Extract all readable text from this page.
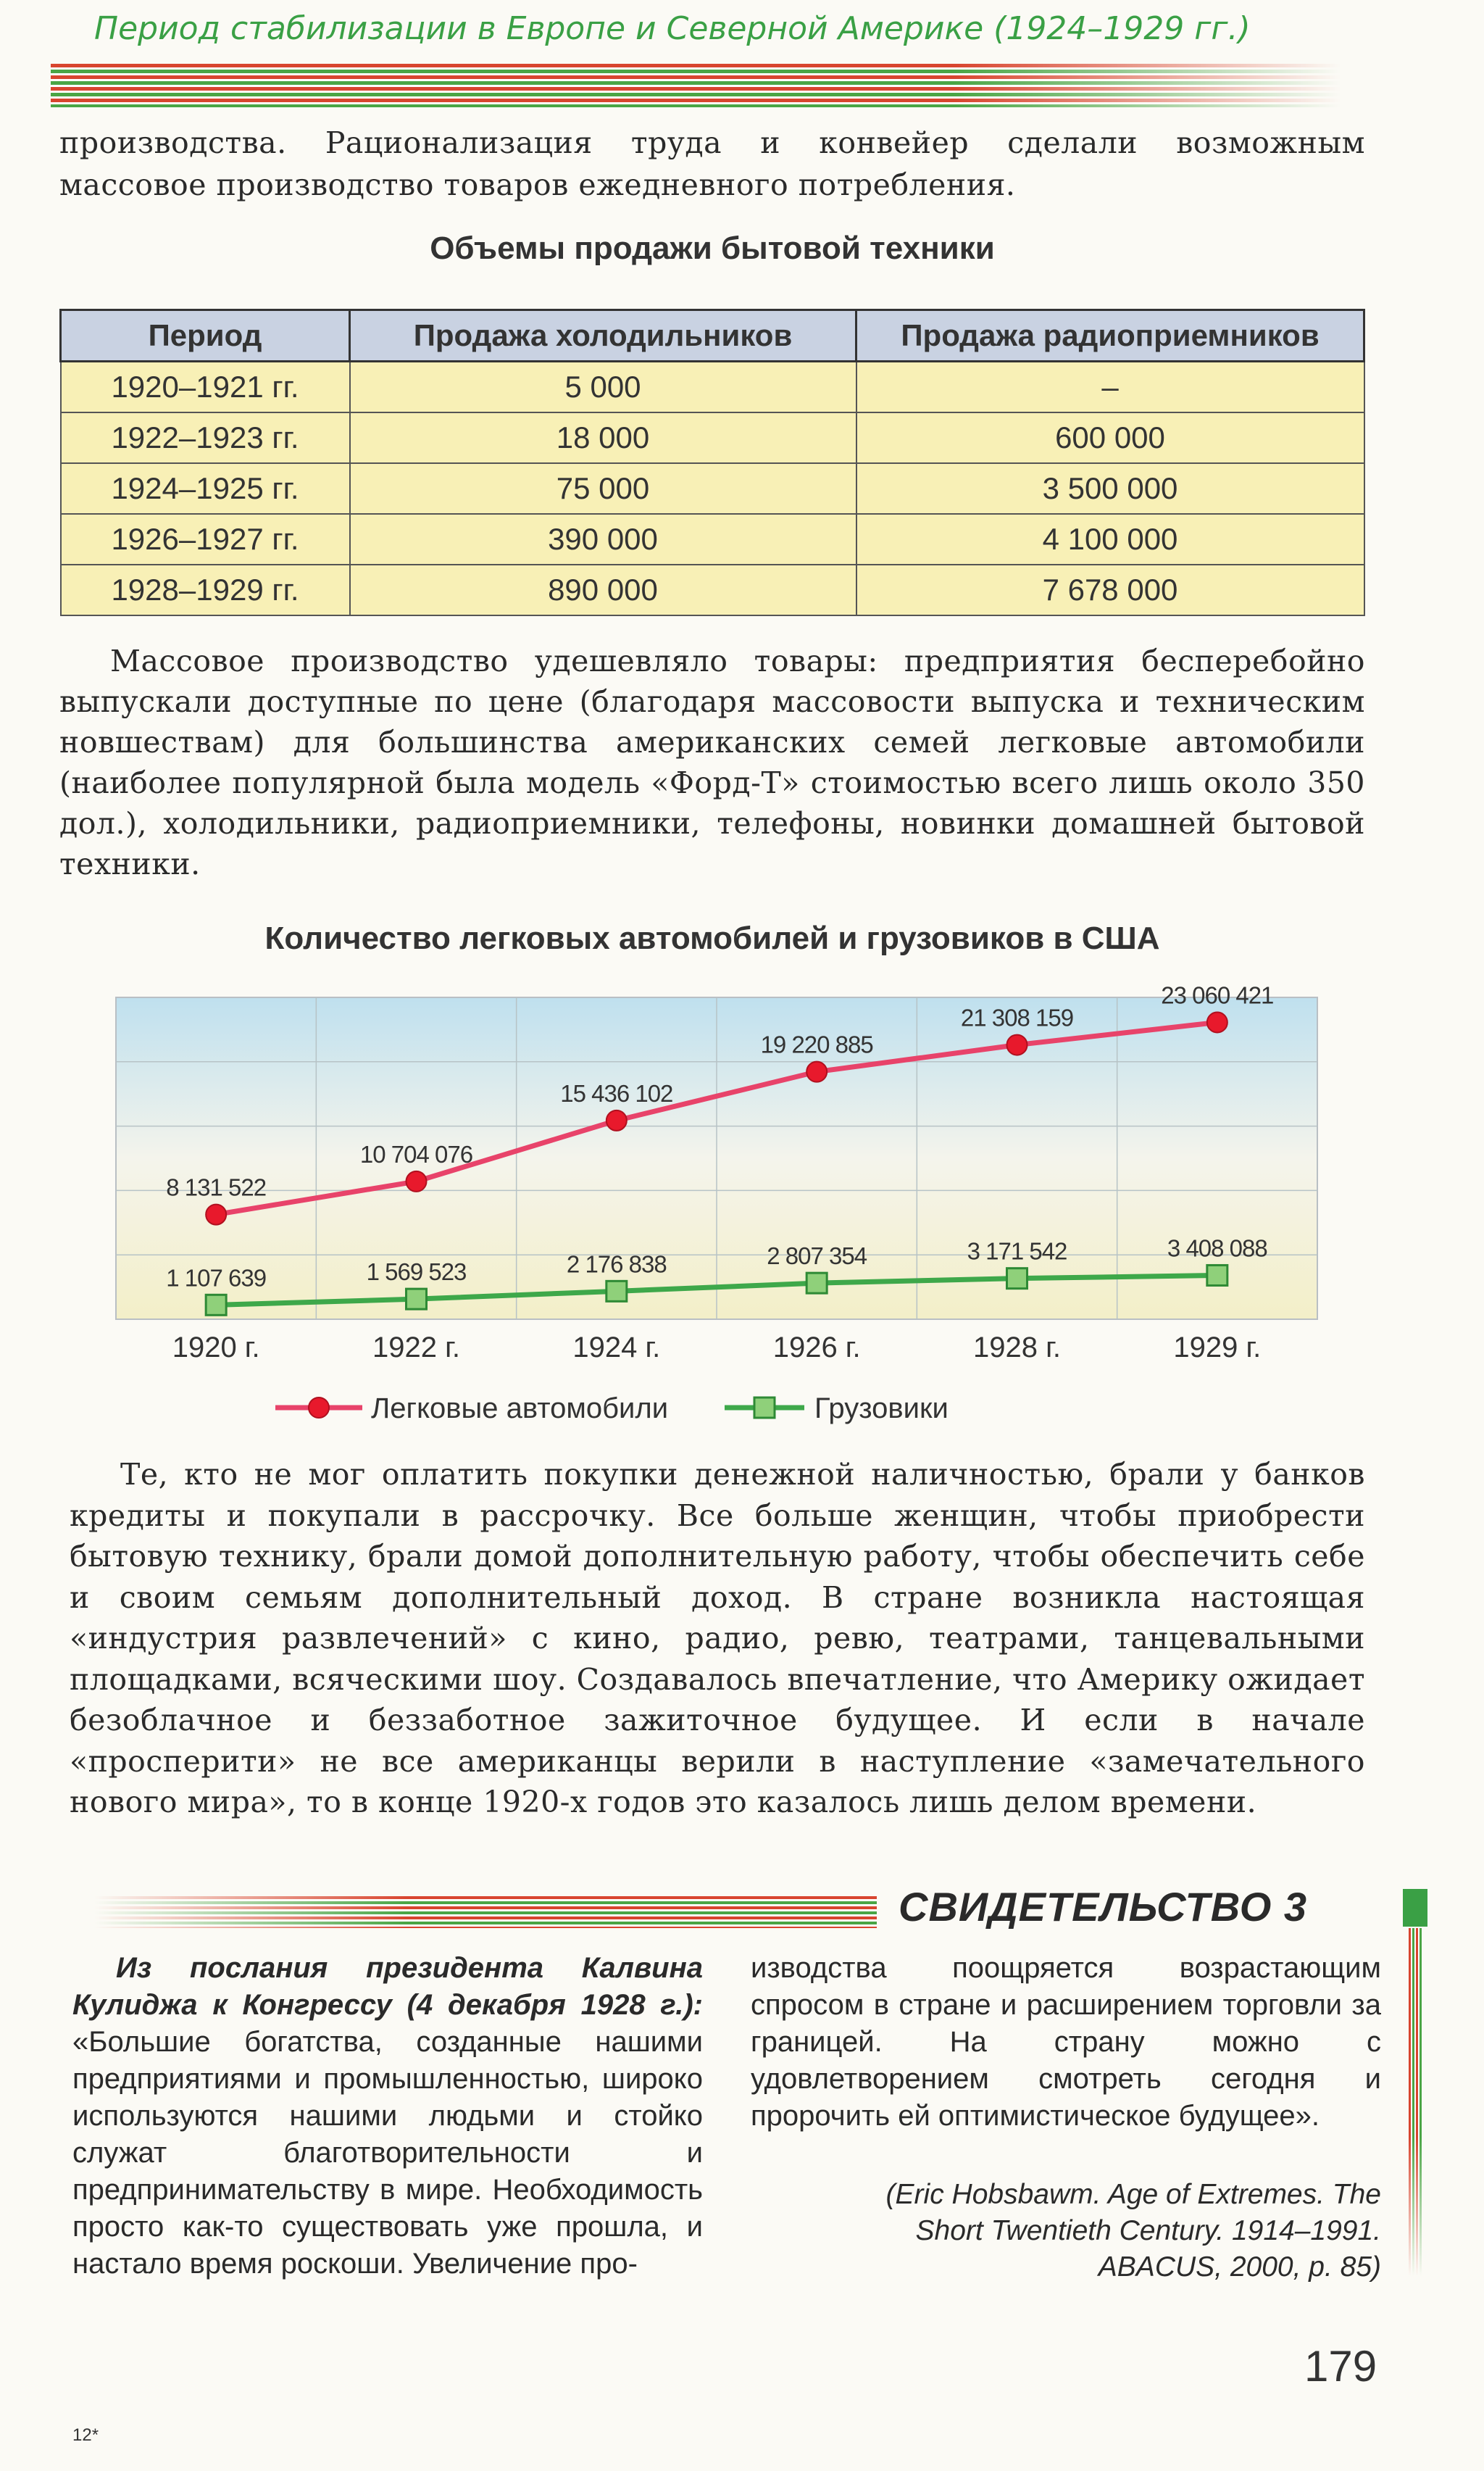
Период стабилизации в Европе и Северной Америке (1924–1929 гг.)
производства. Рационализация труда и конвейер сделали возможным
массовое производство товаров ежедневного потребления.
Объемы продажи бытовой техники
Период	Продажа холодильников	Продажа радиоприемников
1920–1921 гг.	5 000	–
1922–1923 гг.	18 000	600 000
1924–1925 гг.	75 000	3 500 000
1926–1927 гг.	390 000	4 100 000
1928–1929 гг.	890 000	7 678 000
Массовое производство удешевляло товары: предприятия бесперебойно выпускали доступные по цене (благодаря массовости выпуска и техническим новшествам) для большинства американских семей легковые автомобили (наиболее популярной была модель «Форд-Т» стоимостью всего лишь около 350 дол.), холодильники, радиоприемники, телефоны, новинки домашней бытовой техники.
Количество легковых автомобилей и грузовиков в США
8 131 522
10 704 076
15 436 102
19 220 885
21 308 159
23 060 421
1 107 639	1 569 523	2 176 838	2 807 354	3 171 542	3 408 088
1920 г.	1922 г.	1924 г.	1926 г.	1928 г.	1929 г.
Легковые автомобили	Грузовики
Те, кто не мог оплатить покупки денежной наличностью, брали у банков кредиты и покупали в рассрочку. Все больше женщин, чтобы приобрести бытовую технику, брали домой дополнительную работу, чтобы обеспечить себе и своим семьям дополнительный доход. В стране возникла настоящая «индустрия развлечений» с кино, радио, ревю, театрами, танцевальными площадками, всяческими шоу. Создавалось впечатление, что Америку ожидает безоблачное и беззаботное зажиточное будущее. И если в начале «просперити» не все американцы верили в наступление «замечательного нового мира», то в конце 1920-х годов это казалось лишь делом времени.
СВИДЕТЕЛЬСТВО 3
Из послания президента Калвина Кулиджа к Конгрессу (4 декабря 1928 г.): «Большие богатства, созданные нашими предприятиями и промышленностью, широко используются нашими людьми и стойко служат благотворительности и предпринимательству в мире. Необходимость просто как-то существовать уже прошла, и настало время роскоши. Увеличение про-
изводства поощряется возрастающим спросом в стране и расширением торговли за границей. На страну можно с удовлетворением смотреть сегодня и пророчить ей оптимистическое будущее».
(Eric Hobsbawm. Age of Extremes. The
Short Twentieth Century. 1914–1991.
ABACUS, 2000, p. 85)
179
12*
